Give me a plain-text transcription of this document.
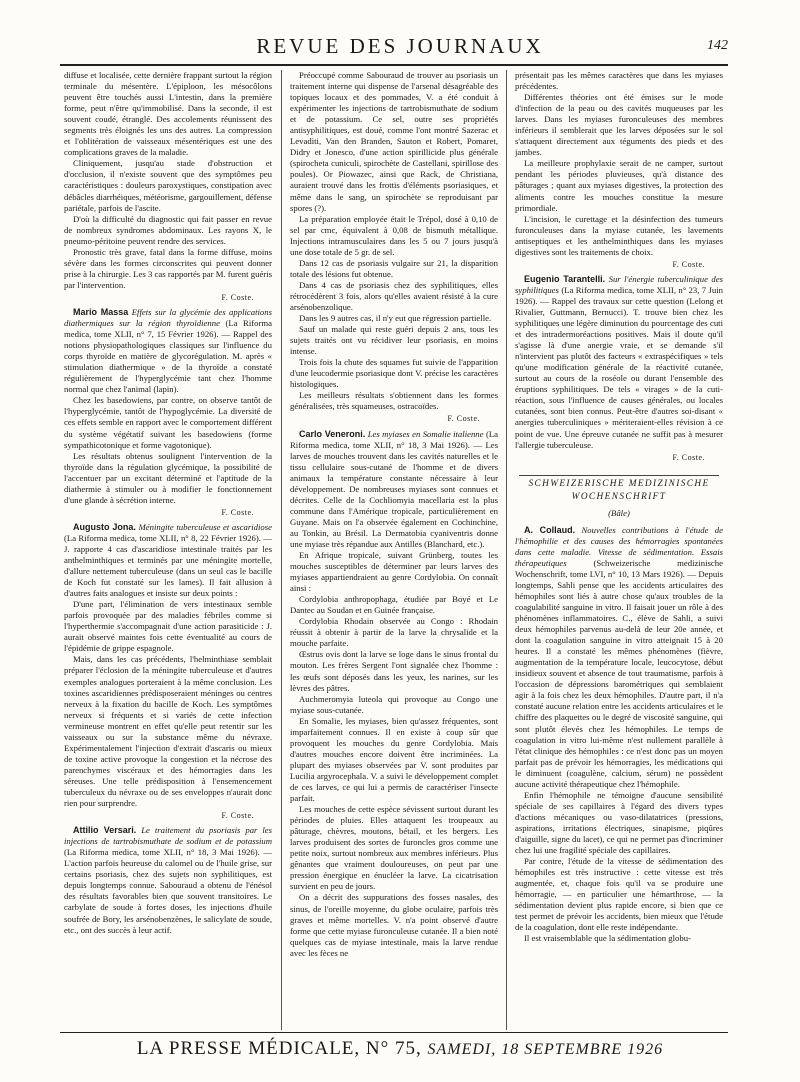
REVUE DES JOURNAUX	142

diffuse et localisée, cette dernière frappant surtout la région terminale du mésentère. L'épiploon, les mésocôlons peuvent être touchés aussi L'intestin, dans la première forme, peut n'être qu'immobilisé. Dans la seconde, il est souvent coudé, étranglé. Des accolements réunissent des segments très éloignés les uns des autres. La compression et l'oblitération de vaisseaux mésentériques est une des complications graves de la maladie.

Cliniquement, jusqu'au stade d'obstruction et d'occlusion, il n'existe souvent que des symptômes peu caractéristiques : douleurs paroxystiques, constipation avec débâcles diarrhéiques, météorisme, gargouillement, défense pariétale, parfois de l'ascite.

D'où la difficulté du diagnostic qui fait passer en revue de nombreux syndromes abdominaux. Les rayons X, le pneumo-péritoine peuvent rendre des services.

Pronostic très grave, fatal dans la forme diffuse, moins sévère dans les formes circonscrites qui peuvent donner prise à la chirurgie. Les 3 cas rapportés par M. furent guéris par l'intervention.

F. Coste.

Mario Massa Effets sur la glycémie des applications diathermiques sur la région thyroïdienne (La Riforma medica, tome XLII, n° 7, 15 Février 1926). — Rappel des notions physiopathologiques classiques sur l'influence du corps thyroïde en matière de glycorégulation. M. après « stimulation diathermique » de la thyroïde a constaté régulièrement de l'hyperglycémie tant chez l'homme normal que chez l'animal (lapin).

Chez les basedowiens, par contre, on observe tantôt de l'hyperglycémie, tantôt de l'hypoglycémie. La diversité de ces effets semble en rapport avec le comportement différent du système végétatif suivant les basedowiens (forme sympathicotonique et forme vagotonique).

Les résultats obtenus soulignent l'intervention de la thyroïde dans la régulation glycémique, la possibilité de l'accentuer par un excitant déterminé et l'aptitude de la diathermie à stimuler ou à modifier le fonctionnement d'une glande à sécrétion interne.

F. Coste.

Augusto Jona. Méningite tuberculeuse et ascaridiose (La Riforma medica, tome XLII, n° 8, 22 Février 1926). — J. rapporte 4 cas d'ascaridiose intestinale traités par les anthelminthiques et terminés par une méningite mortelle, d'allure nettement tuberculeuse (dans un seul cas le bacille de Koch fut constaté sur les lames). Il fait allusion à d'autres faits analogues et insiste sur deux points :

D'une part, l'élimination de vers intestinaux semble parfois provoquée par des maladies fébriles comme si l'hyperthermie s'accompagnait d'une action parasiticide : J. aurait observé maintes fois cette éventualité au cours de l'épidémie de grippe espagnole.

Mais, dans les cas précédents, l'helminthiase semblait préparer l'éclosion de la méningite tuberculeuse et d'autres exemples analogues porteraient à la même conclusion. Les toxines ascaridiennes prédisposeraient méninges ou centres nerveux à la fixation du bacille de Koch. Les symptômes nerveux si fréquents et si variés de cette infection vermineuse montrent en effet qu'elle peut retentir sur les vaisseaux ou sur la substance même du névraxe. Expérimentalement l'injection d'extrait d'ascaris ou mieux de toxine active provoque la congestion et la nécrose des parenchymes viscéraux et des hémorragies dans les séreuses. Une telle prédisposition à l'ensemencement tuberculeux du névraxe ou de ses enveloppes n'aurait donc rien pour surprendre.

F. Coste.

Attilio Versari. Le traitement du psoriasis par les injections de tartrobismuthate de sodium et de potassium (La Riforma medica, tome XLII, n° 18, 3 Mai 1926). — L'action parfois heureuse du calomel ou de l'huile grise, sur certains psoriasis, chez des sujets non syphilitiques, est depuis longtemps connue. Sabouraud a obtenu de l'énésol des résultats favorables bien que souvent transitoires. Le carbylate de soude à fortes doses, les injections d'huile soufrée de Bory, les arsénobenzènes, le salicylate de soude, etc., ont des succès à leur actif.

Préoccupé comme Sabouraud de trouver au psoriasis un traitement interne qui dispense de l'arsenal désagréable des topiques locaux et des pommades, V. a été conduit à expérimenter les injections de tartrobismuthate de sodium et de potassium. Ce sel, outre ses propriétés antisyphilitiques, est doué, comme l'ont montré Sazerac et Levaditi, Van den Branden, Sauton et Robert, Pomaret, Didry et Jonesco, d'une action spirillicide plus générale (spirocheta cuniculi, spirochète de Castellani, spirillose des poules). Or Piowazec, ainsi que Rack, de Christiana, auraient trouvé dans les frottis d'éléments psoriasiques, et même dans le sang, un spirochète se reproduisant par spores (?).

La préparation employée était le Trépol, dosé à 0,10 de sel par cmc, équivalent à 0,08 de bismuth métallique. Injections intramusculaires dans les 5 ou 7 jours jusqu'à une dose totale de 5 gr. de sel.

Dans 12 cas de psoriasis vulgaire sur 21, la disparition totale des lésions fut obtenue.

Dans 4 cas de psoriasis chez des syphilitiques, elles rétrocédèrent 3 fois, alors qu'elles avaient résisté à la cure arsénobenzolique.

Dans les 9 autres cas, il n'y eut que régression partielle.

Sauf un malade qui reste guéri depuis 2 ans, tous les sujets traités ont vu récidiver leur psoriasis, en moins intense.

Trois fois la chute des squames fut suivie de l'apparition d'une leucodermie psoriasique dont V. précise les caractères histologiques.

Les meilleurs résultats s'obtiennent dans les formes généralisées, très squameuses, ostracoïdes.

F. Coste.

Carlo Veneroni. Les myiases en Somalie italienne (La Riforma medica, tome XLII, n° 18, 3 Mai 1926). — Les larves de mouches trouvent dans les cavités naturelles et le tissu cellulaire sous-cutané de l'homme et de divers animaux la température constante nécessaire à leur développement. De nombreuses myiases sont connues et décrites. Celle de la Cochliomyia macellaria est la plus commune dans l'Amérique tropicale, particulièrement en Guyane. Mais on l'a observée également en Cochinchine, au Tonkin, au Brésil. La Dermatobia cyaniventris donne une myiase très répandue aux Antilles (Blanchard, etc.).

En Afrique tropicale, suivant Grünberg, toutes les mouches susceptibles de déterminer par leurs larves des myiases appartiendraient au genre Cordylobia. On connaît ainsi :

Cordylobia anthropophaga, étudiée par Boyé et Le Dantec au Soudan et en Guinée française.

Cordylobia Rhodain observée au Congo : Rhodain réussit à obtenir à partir de la larve la chrysalide et la mouche parfaite.

Œstrus ovis dont la larve se loge dans le sinus frontal du mouton. Les frères Sergent l'ont signalée chez l'homme : les œufs sont déposés dans les yeux, les narines, sur les lèvres des pâtres.

Auchmeromyia luteola qui provoque au Congo une myiase sous-cutanée.

En Somalie, les myiases, bien qu'assez fréquentes, sont imparfaitement connues. Il en existe à coup sûr que provoquent les mouches du genre Cordylobia. Mais d'autres mouches encore doivent être incriminées. La plupart des myiases observées par V. sont produites par Lucilia argyrocephala. V. a suivi le développement complet de ces larves, ce qui lui a permis de caractériser l'insecte parfait.

Les mouches de cette espèce sévissent surtout durant les périodes de pluies. Elles attaquent les troupeaux au pâturage, chèvres, moutons, bétail, et les bergers. Les larves produisent des sortes de furoncles gros comme une petite noix, surtout nombreux aux membres inférieurs. Plus gênantes que vraiment douloureuses, on peut par une pression énergique en énucléer la larve. La cicatrisation survient en peu de jours.

On a décrit des suppurations des fosses nasales, des sinus, de l'oreille moyenne, du globe oculaire, parfois très graves et même mortelles. V. n'a point observé d'autre forme que cette myiase furonculeuse cutanée. Il a bien noté quelques cas de myiase intestinale, mais la larve rendue avec les fèces ne

présentait pas les mêmes caractères que dans les myiases précédentes.

Différentes théories ont été émises sur le mode d'infection de la peau ou des cavités muqueuses par les larves. Dans les myiases furonculeuses des membres inférieurs il semblerait que les larves déposées sur le sol s'attaquent directement aux téguments des pieds et des jambes.

La meilleure prophylaxie serait de ne camper, surtout pendant les périodes pluvieuses, qu'à distance des pâturages ; quant aux myiases digestives, la protection des aliments contre les mouches constitue la mesure primordiale.

L'incision, le curettage et la désinfection des tumeurs furonculeuses dans la myiase cutanée, les lavements antiseptiques et les anthelminthiques dans les myiases digestives sont les traitements de choix.

F. Coste.

Eugenio Tarantelli. Sur l'énergie tuberculinique des syphilitiques (La Riforma medica, tome XLII, n° 23, 7 Juin 1926). — Rappel des travaux sur cette question (Lelong et Rivalier, Guttmann, Bernucci). T. trouve bien chez les syphilitiques une légère diminution du pourcentage des cuti et des intradermoréactions positives. Mais il doute qu'il s'agisse là d'une anergie vraie, et se demande s'il n'intervient pas plutôt des facteurs « extraspécifiques » tels qu'une modification générale de la réactivité cutanée, surtout au cours de la roséole ou durant l'ensemble des éruptions syphilitiques. De tels « virages » de la cuti-réaction, sous l'influence de causes générales, ou locales cutanées, sont bien connus. Peut-être d'autres soi-disant « anergies tuberculiniques » mériteraient-elles révision à ce point de vue. Une épreuve cutanée ne suffit pas à mesurer l'allergie tuberculeuse.

F. Coste.
SCHWEIZERISCHE MEDIZINISCHE WOCHENSCHRIFT
(Bâle)

A. Collaud. Nouvelles contributions à l'étude de l'hémophilie et des causes des hémorragies spontanées dans cette maladie. Vitesse de sédimentation. Essais thérapeutiques	(Schweizerische medizinische Wochenschrift, tome LVI, n° 10, 13 Mars 1926). — Depuis longtemps, Sahli pense que les accidents articulaires des hémophiles sont liés à autre chose qu'aux troubles de la coagulabilité sanguine in vitro. Il faisait jouer un rôle à des phénomènes inflammatoires. C., élève de Sahli, a suivi deux hémophiles parvenus au-delà de leur 20e année, et dont la coagulation sanguine in vitro atteignait 15 à 20 heures. Il a constaté les mêmes phénomènes (fièvre, augmentation de la température locale, leucocytose, début insidieux souvent et absence de tout traumatisme, parfois à l'occasion de dépressions barométriques qui semblaient agir à la fois chez les deux hémophiles. D'autre part, il n'a constaté aucune relation entre les accidents articulaires et le chiffre des plaquettes ou le degré de viscosité sanguine, qui sont plutôt élevés chez les hémophiles. Le temps de coagulation in vitro lui-même n'est nullement parallèle à l'état clinique des hémophiles : ce n'est donc pas un moyen parfait pas de prévoir les hémorragies, les médications qui le diminuent (coagulène, calcium, sérum) ne possèdent aucune activité thérapeutique chez l'hémophile.

Enfin l'hémophile ne témoigne d'aucune sensibilité spéciale de ses capillaires à l'égard des divers types d'actions mécaniques ou vaso-dilatatrices (pressions, aspirations, irritations électriques, sinapisme, piqûres d'aiguille, signe du lacet), ce qui ne permet pas d'incriminer chez lui une fragilité spéciale des capillaires.

Par contre, l'étude de la vitesse de sédimentation des hémophiles est très instructive : cette vitesse est très augmentée, et, chaque fois qu'il va se produire une hémorragie, — en particulier une hémarthrose, — la sédimentation devient plus rapide encore, si bien que ce test permet de prévoir les accidents, bien mieux que l'étude de la coagulation, dont elle reste indépendante.

Il est vraisemblable que la sédimentation globu-

LA PRESSE MÉDICALE, N° 75, SAMEDI, 18 SEPTEMBRE 1926
